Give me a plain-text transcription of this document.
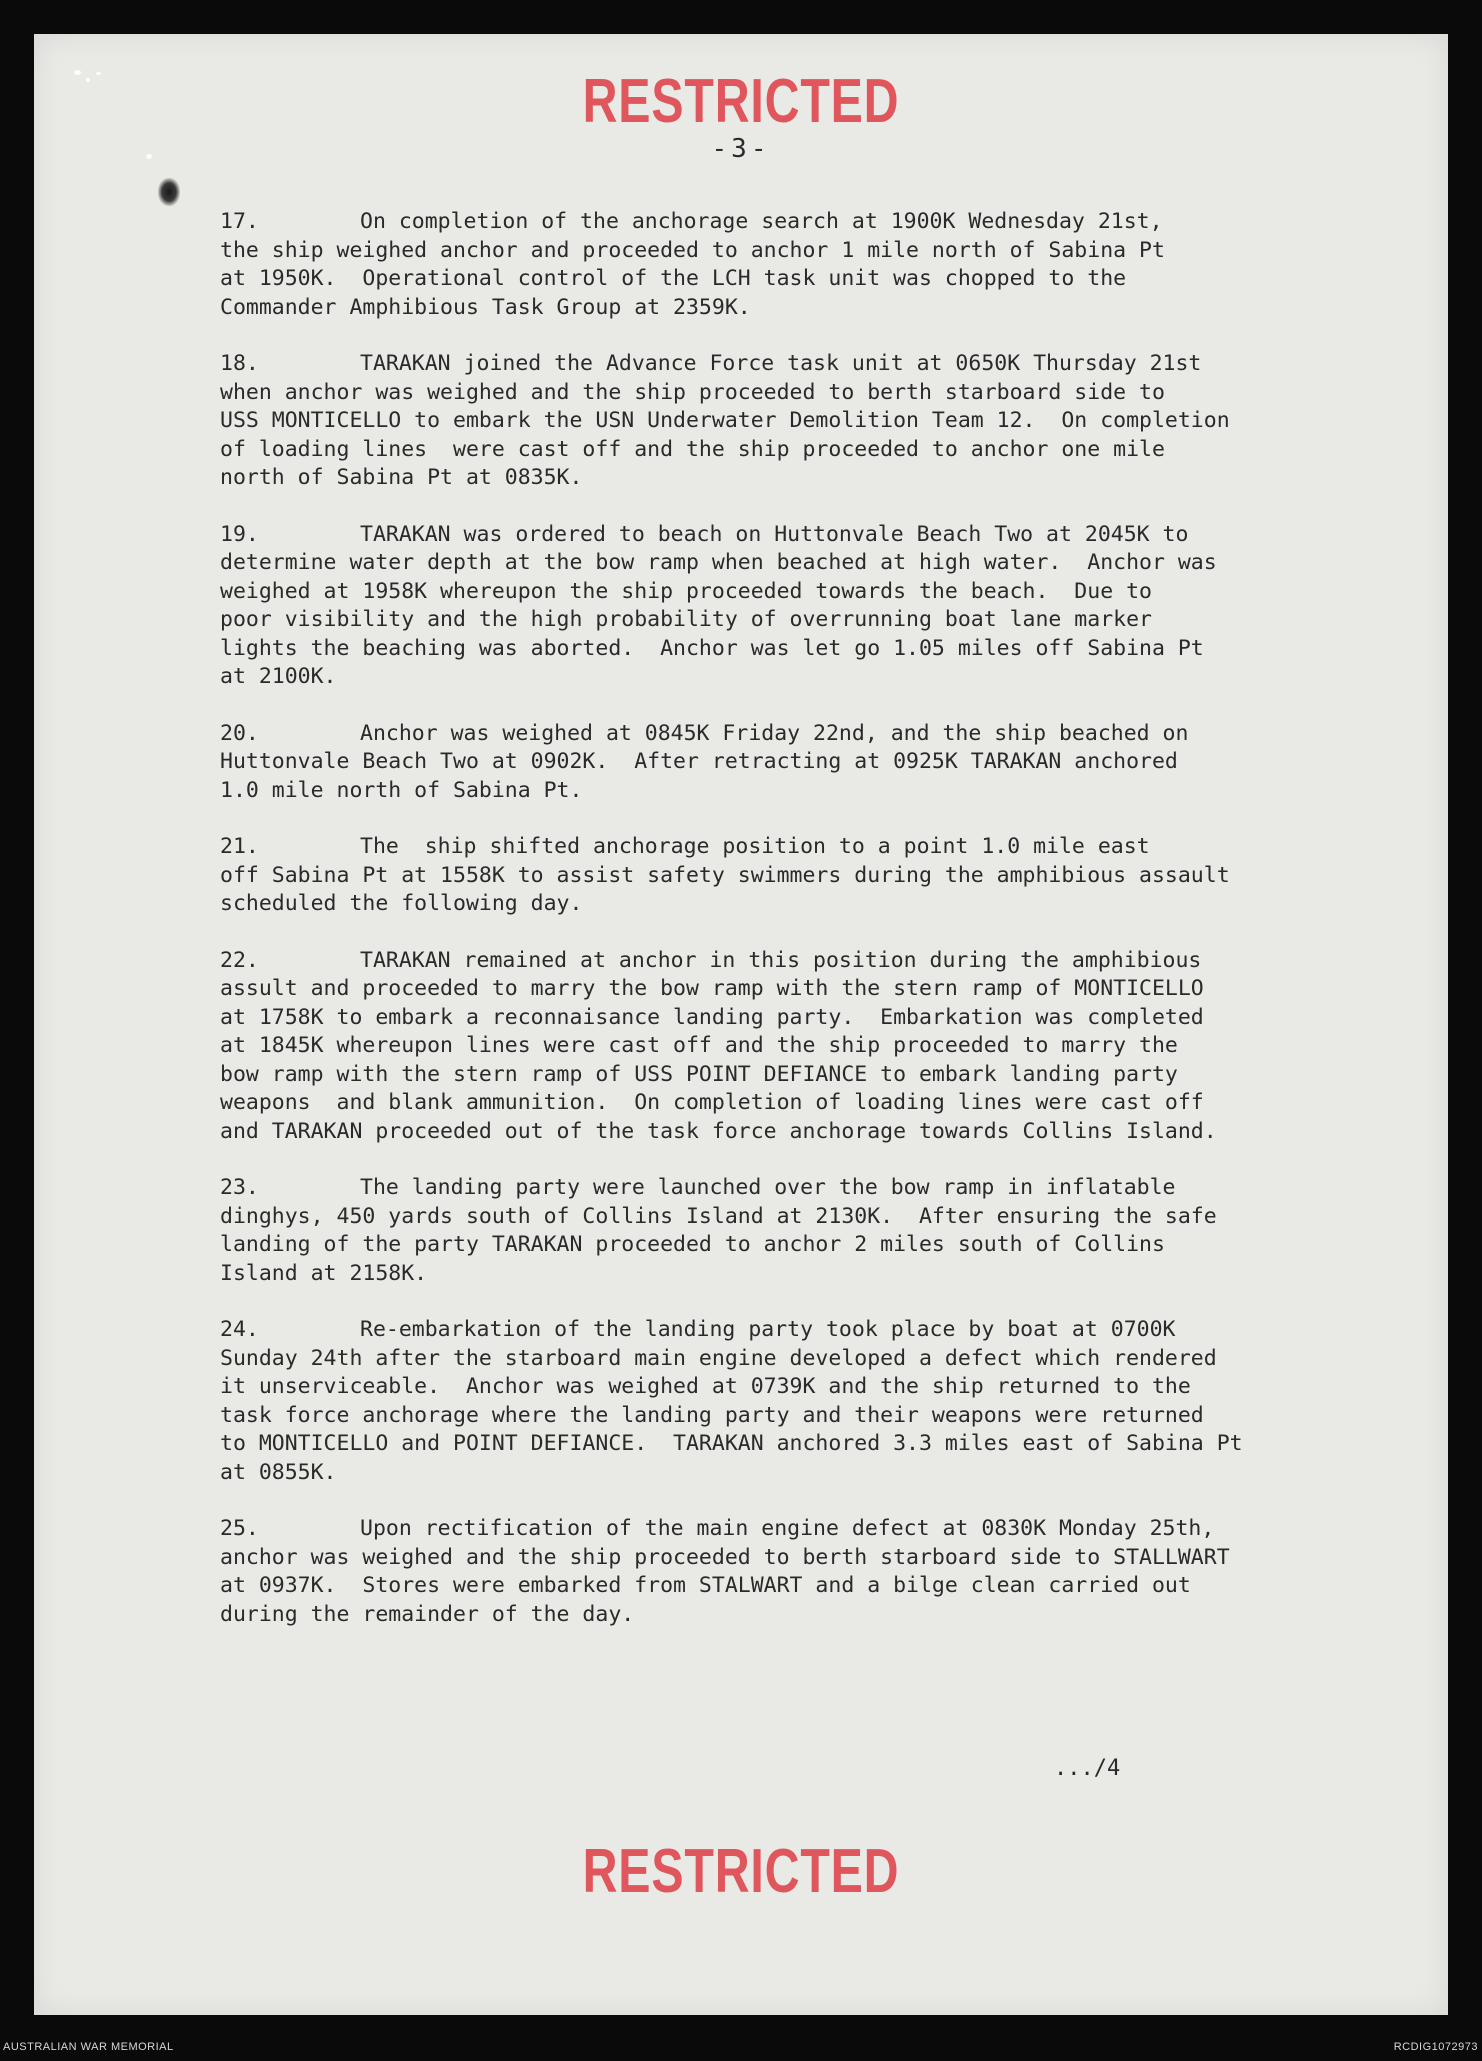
RESTRICTED
-3-
17.	On completion of the anchorage search at 1900K Wednesday 21st,
the ship weighed anchor and proceeded to anchor 1 mile north of Sabina Pt
at 1950K.  Operational control of the LCH task unit was chopped to the
Commander Amphibious Task Group at 2359K.
18.	TARAKAN joined the Advance Force task unit at 0650K Thursday 21st
when anchor was weighed and the ship proceeded to berth starboard side to
USS MONTICELLO to embark the USN Underwater Demolition Team 12.  On completion
of loading lines  were cast off and the ship proceeded to anchor one mile
north of Sabina Pt at 0835K.
19.	TARAKAN was ordered to beach on Huttonvale Beach Two at 2045K to
determine water depth at the bow ramp when beached at high water.  Anchor was
weighed at 1958K whereupon the ship proceeded towards the beach.  Due to
poor visibility and the high probability of overrunning boat lane marker
lights the beaching was aborted.  Anchor was let go 1.05 miles off Sabina Pt
at 2100K.
20.	Anchor was weighed at 0845K Friday 22nd, and the ship beached on
Huttonvale Beach Two at 0902K.  After retracting at 0925K TARAKAN anchored
1.0 mile north of Sabina Pt.
21.	The  ship shifted anchorage position to a point 1.0 mile east
off Sabina Pt at 1558K to assist safety swimmers during the amphibious assault
scheduled the following day.
22.	TARAKAN remained at anchor in this position during the amphibious
assult and proceeded to marry the bow ramp with the stern ramp of MONTICELLO
at 1758K to embark a reconnaisance landing party.  Embarkation was completed
at 1845K whereupon lines were cast off and the ship proceeded to marry the
bow ramp with the stern ramp of USS POINT DEFIANCE to embark landing party
weapons  and blank ammunition.  On completion of loading lines were cast off
and TARAKAN proceeded out of the task force anchorage towards Collins Island.
23.	The landing party were launched over the bow ramp in inflatable
dinghys, 450 yards south of Collins Island at 2130K.  After ensuring the safe
landing of the party TARAKAN proceeded to anchor 2 miles south of Collins
Island at 2158K.
24.	Re-embarkation of the landing party took place by boat at 0700K
Sunday 24th after the starboard main engine developed a defect which rendered
it unserviceable.  Anchor was weighed at 0739K and the ship returned to the
task force anchorage where the landing party and their weapons were returned
to MONTICELLO and POINT DEFIANCE.  TARAKAN anchored 3.3 miles east of Sabina Pt
at 0855K.
25.	Upon rectification of the main engine defect at 0830K Monday 25th,
anchor was weighed and the ship proceeded to berth starboard side to STALLWART
at 0937K.  Stores were embarked from STALWART and a bilge clean carried out
during the remainder of the day.
.../4
RESTRICTED
AUSTRALIAN WAR MEMORIAL	RCDIG1072973
